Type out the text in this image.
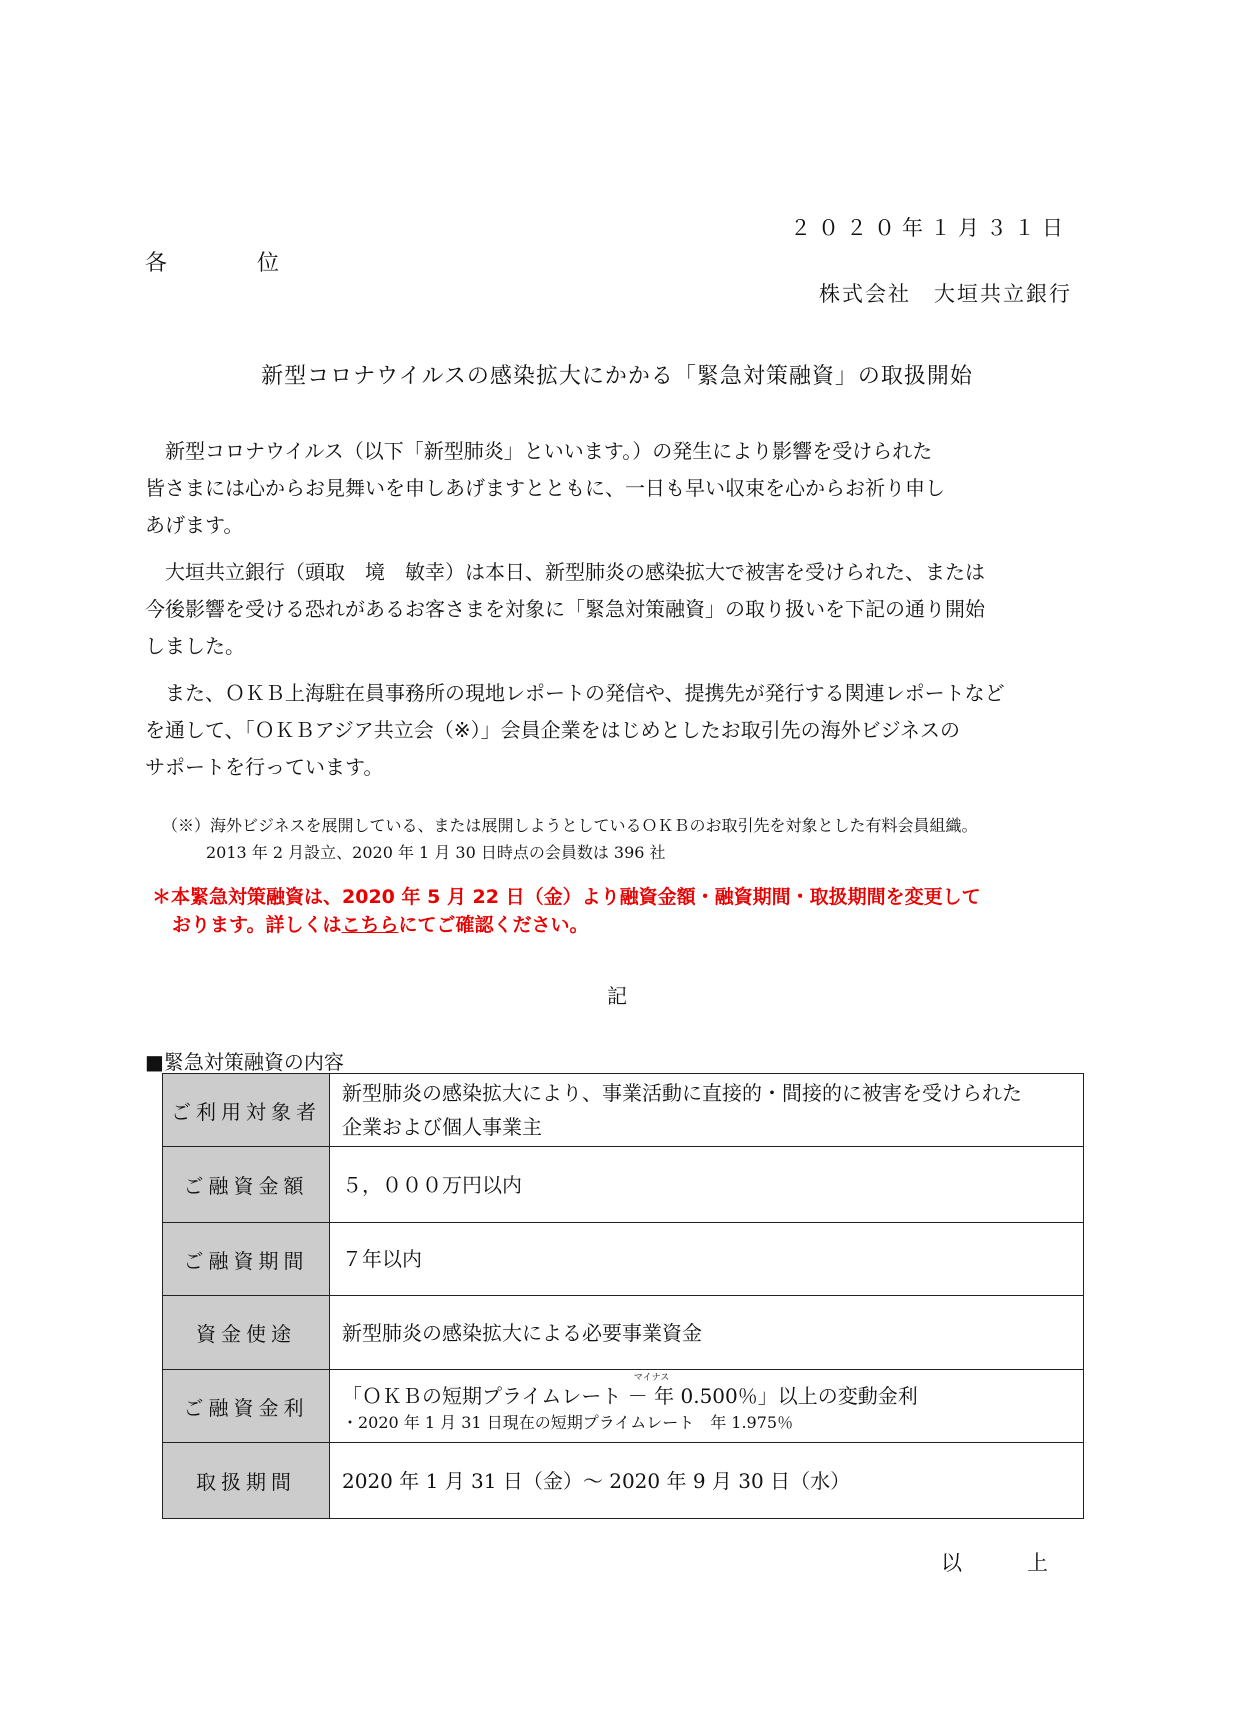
２０２０年１月３１日

各　位

株式会社　大垣共立銀行

新型コロナウイルスの感染拡大にかかる「緊急対策融資」の取扱開始
新型コロナウイルス（以下「新型肺炎」といいます。）の発生により影響を受けられた
皆さまには心からお見舞いを申しあげますとともに、一日も早い収束を心からお祈り申し
あげます。
大垣共立銀行（頭取　境　敏幸）は本日、新型肺炎の感染拡大で被害を受けられた、または
今後影響を受ける恐れがあるお客さまを対象に「緊急対策融資」の取り扱いを下記の通り開始
しました。
また、ＯＫＢ上海駐在員事務所の現地レポートの発信や、提携先が発行する関連レポートなど
を通して、「ＯＫＢアジア共立会（※）」会員企業をはじめとしたお取引先の海外ビジネスの
サポートを行っています。
（※）海外ビジネスを展開している、または展開しようとしているＯＫＢのお取引先を対象とした有料会員組織。
2013 年 2 月設立、2020 年 1 月 30 日時点の会員数は 396 社
＊本緊急対策融資は、2020 年 5 月 22 日（金）より融資金額・融資期間・取扱期間を変更して
おります。詳しくはこちらにてご確認ください。

記

■緊急対策融資の内容

ご利用対象者	新型肺炎の感染拡大により、事業活動に直接的・間接的に被害を受けられた
企業および個人事業主

ご融資金額	５，０００万円以内
ご融資期間	７年以内
資金使途	新型肺炎の感染拡大による必要事業資金
ご融資金利	「ＯＫＢの短期プライムレート
マイナス
－ 年 0.500％」以上の変動金利
・2020 年 1 月 31 日現在の短期プライムレート　年 1.975％

取扱期間	2020 年 1 月 31 日（金）～ 2020 年 9 月 30 日（水）

以　上
